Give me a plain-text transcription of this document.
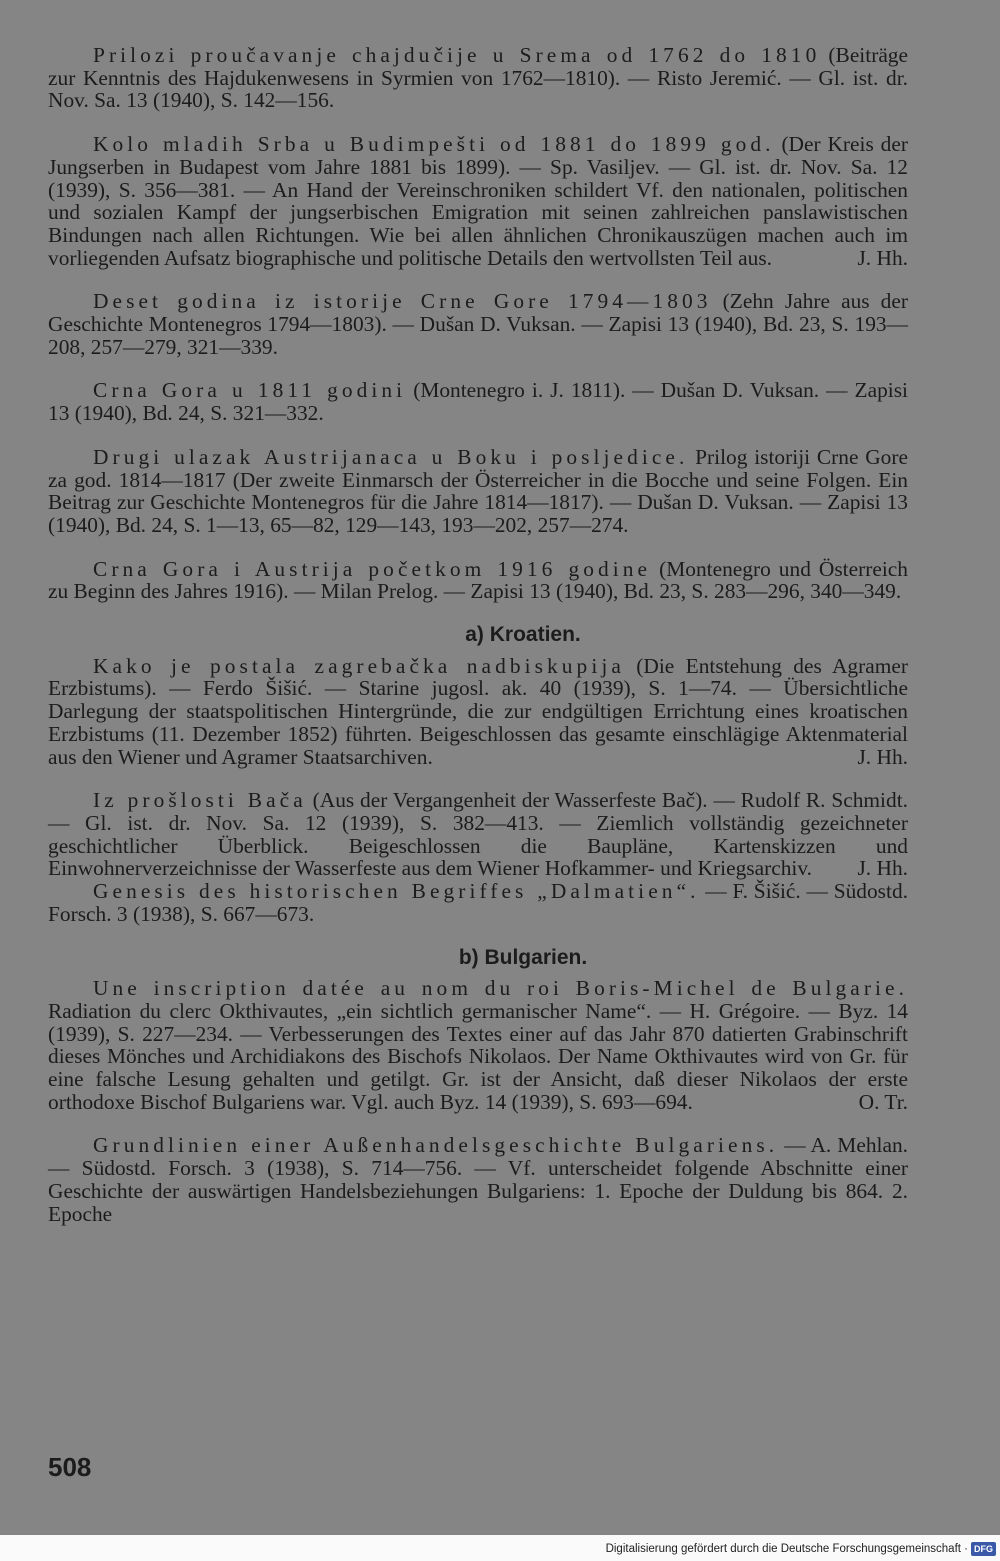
Prilozi proučavanje chajdučije u Srema od 1762 do 1810 (Beiträge zur Kenntnis des Hajdukenwesens in Syrmien von 1762—1810). — Risto Jeremić. — Gl. ist. dr. Nov. Sa. 13 (1940), S. 142—156.

Kolo mladih Srba u Budimpešti od 1881 do 1899 god. (Der Kreis der Jungserben in Budapest vom Jahre 1881 bis 1899). — Sp. Vasiljev. — Gl. ist. dr. Nov. Sa. 12 (1939), S. 356—381. — An Hand der Vereinschroniken schildert Vf. den nationalen, politischen und sozialen Kampf der jungserbischen Emigration mit seinen zahlreichen panslawistischen Bindungen nach allen Richtungen. Wie bei allen ähnlichen Chronikauszügen machen auch im vorliegenden Aufsatz biographische und politische Details den wertvollsten Teil aus.	J. Hh.

Deset godina iz istorije Crne Gore 1794—1803 (Zehn Jahre aus der Geschichte Montenegros 1794—1803). — Dušan D. Vuksan. — Zapisi 13 (1940), Bd. 23, S. 193—208, 257—279, 321—339.

Crna Gora u 1811 godini (Montenegro i. J. 1811). — Dušan D. Vuksan. — Zapisi 13 (1940), Bd. 24, S. 321—332.

Drugi ulazak Austrijanaca u Boku i posljedice. Prilog istoriji Crne Gore za god. 1814—1817 (Der zweite Einmarsch der Österreicher in die Bocche und seine Folgen. Ein Beitrag zur Geschichte Montenegros für die Jahre 1814—1817). — Dušan D. Vuksan. — Zapisi 13 (1940), Bd. 24, S. 1—13, 65—82, 129—143, 193—202, 257—274.

Crna Gora i Austrija početkom 1916 godine (Montenegro und Österreich zu Beginn des Jahres 1916). — Milan Prelog. — Zapisi 13 (1940), Bd. 23, S. 283—296, 340—349.

a) Kroatien.

Kako je postala zagrebačka nadbiskupija (Die Entstehung des Agramer Erzbistums). — Ferdo Šišić. — Starine jugosl. ak. 40 (1939), S. 1—74. — Übersichtliche Darlegung der staatspolitischen Hintergründe, die zur endgültigen Errichtung eines kroatischen Erzbistums (11. Dezember 1852) führten. Beigeschlossen das gesamte einschlägige Aktenmaterial aus den Wiener und Agramer Staatsarchiven.	J. Hh.

Iz prošlosti Bača (Aus der Vergangenheit der Wasserfeste Bač). — Rudolf R. Schmidt. — Gl. ist. dr. Nov. Sa. 12 (1939), S. 382—413. — Ziemlich vollständig gezeichneter geschichtlicher Überblick. Beigeschlossen die Baupläne, Kartenskizzen und Einwohnerverzeichnisse der Wasserfeste aus dem Wiener Hofkammer- und Kriegsarchiv. J. Hh.

Genesis des historischen Begriffes „Dalmatien“. — F. Šišić. — Südostd. Forsch. 3 (1938), S. 667—673.

b) Bulgarien.

Une inscription datée au nom du roi Boris-Michel de Bulgarie. Radiation du clerc Okthivautes, „ein sichtlich germanischer Name“. — H. Grégoire. — Byz. 14 (1939), S. 227—234. — Verbesserungen des Textes einer auf das Jahr 870 datierten Grabinschrift dieses Mönches und Archidiakons des Bischofs Nikolaos. Der Name Okthivautes wird von Gr. für eine falsche Lesung gehalten und getilgt. Gr. ist der Ansicht, daß dieser Nikolaos der erste orthodoxe Bischof Bulgariens war. Vgl. auch Byz. 14 (1939), S. 693—694.	O. Tr.

Grundlinien einer Außenhandelsgeschichte Bulgariens. — A. Mehlan. — Südostd. Forsch. 3 (1938), S. 714—756. — Vf. unterscheidet folgende Abschnitte einer Geschichte der auswärtigen Handelsbeziehungen Bulgariens: 1. Epoche der Duldung bis 864. 2. Epoche

508
Digitalisierung gefördert durch die Deutsche Forschungsgemeinschaft · DFG
